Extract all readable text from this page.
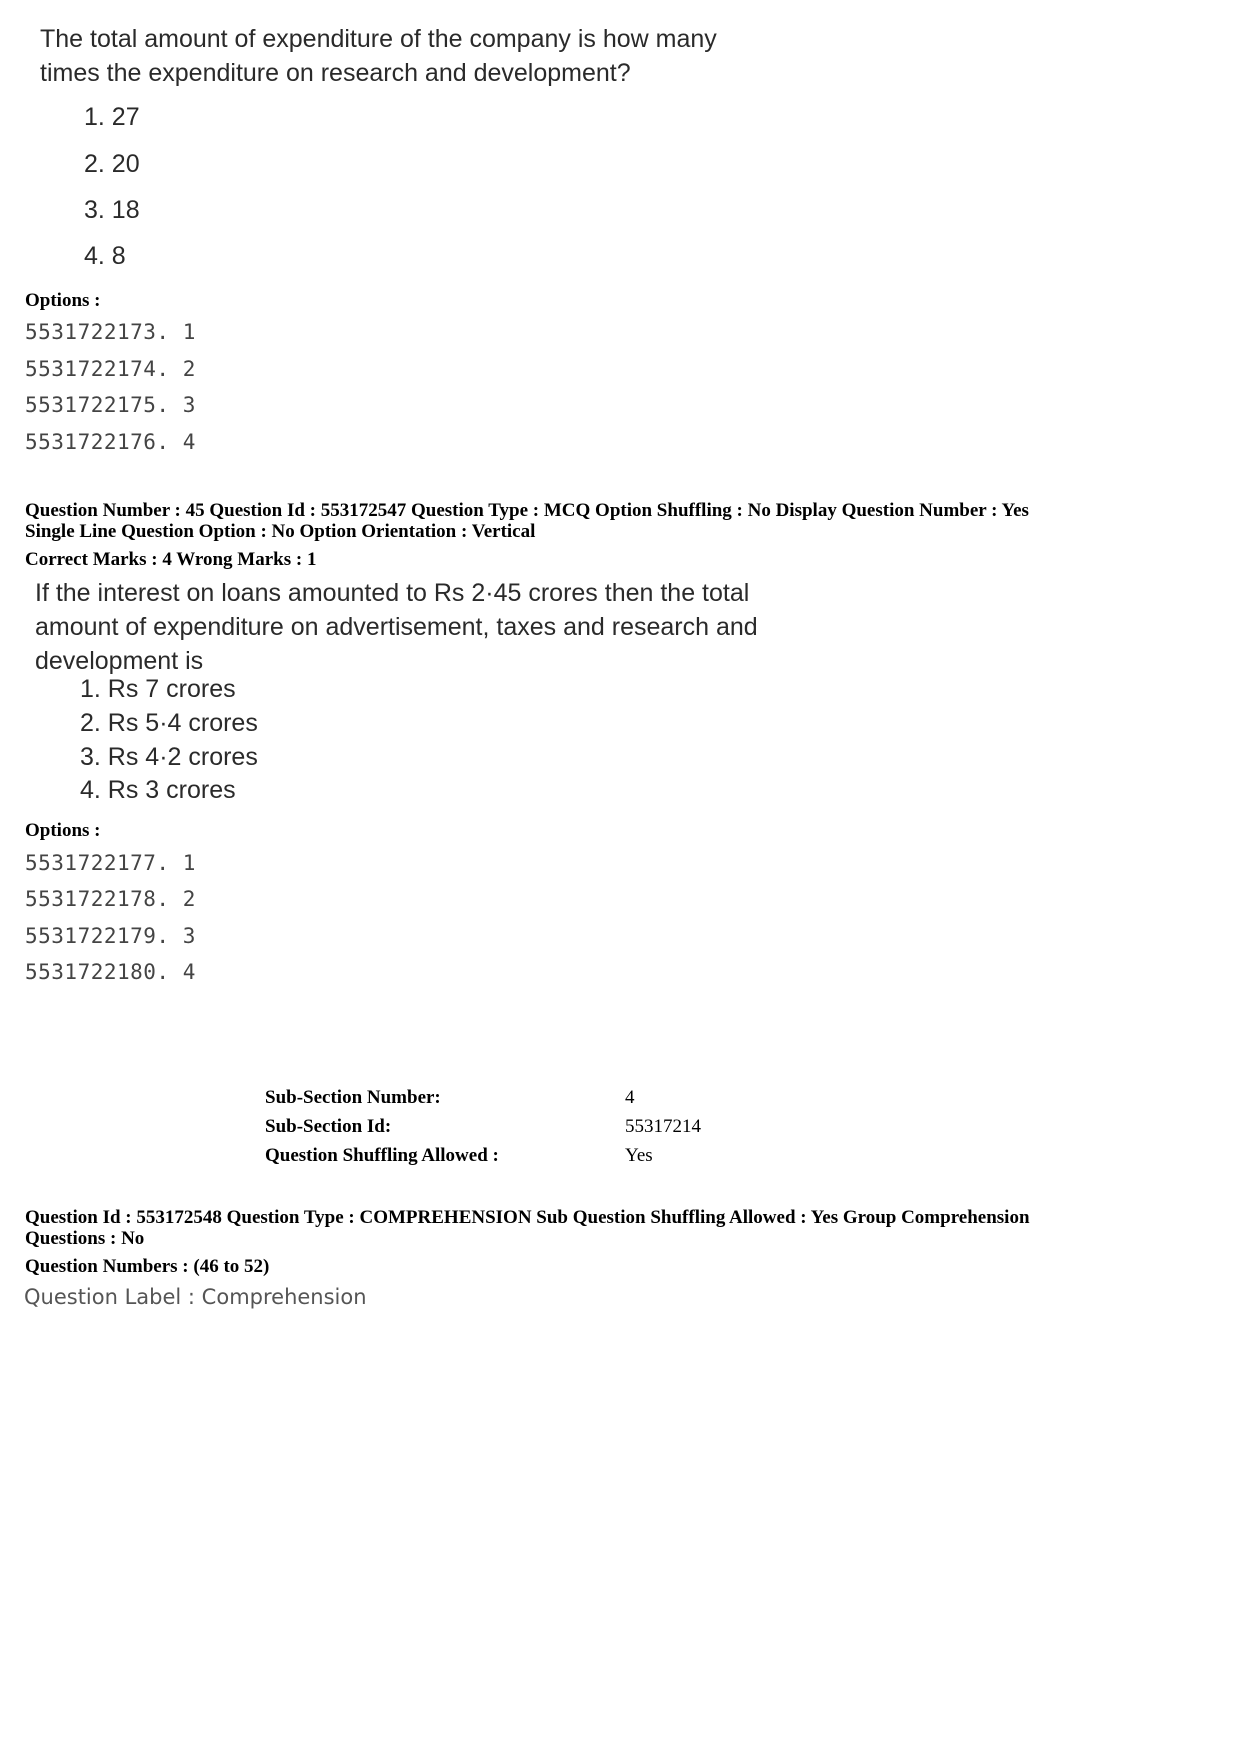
The total amount of expenditure of the company is how many times the expenditure on research and development?
1. 27
2. 20
3. 18
4. 8
Options :
5531722173. 1
5531722174. 2
5531722175. 3
5531722176. 4
Question Number : 45 Question Id : 553172547 Question Type : MCQ Option Shuffling : No Display Question Number : Yes
Single Line Question Option : No Option Orientation : Vertical
Correct Marks : 4 Wrong Marks : 1
If the interest on loans amounted to Rs 2·45 crores then the total amount of expenditure on advertisement, taxes and research and development is
1. Rs 7 crores
2. Rs 5·4 crores
3. Rs 4·2 crores
4. Rs 3 crores
Options :
5531722177. 1
5531722178. 2
5531722179. 3
5531722180. 4
Sub-Section Number:	4
Sub-Section Id:	55317214
Question Shuffling Allowed :	Yes
Question Id : 553172548 Question Type : COMPREHENSION Sub Question Shuffling Allowed : Yes Group Comprehension
Questions : No
Question Numbers : (46 to 52)
Question Label : Comprehension
